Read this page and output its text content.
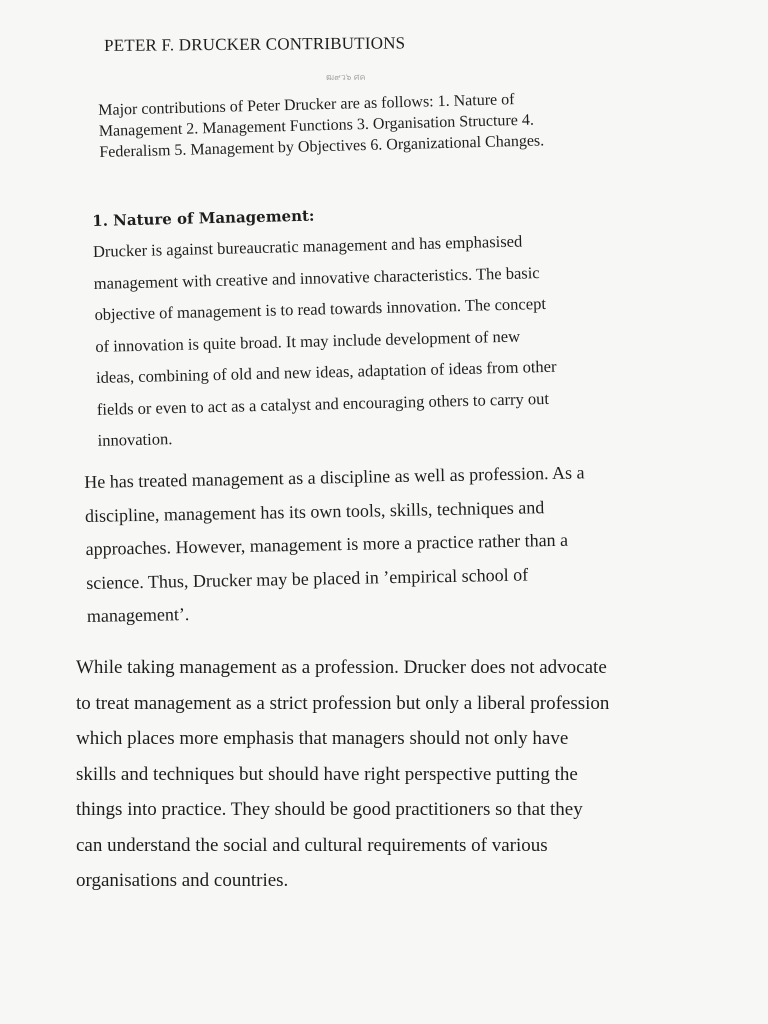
PETER F. DRUCKER CONTRIBUTIONS
ฒ๙ว๖ ศค
Major contributions of Peter Drucker are as follows: 1. Nature of
Management 2. Management Functions 3. Organisation Structure 4.
Federalism 5. Management by Objectives 6. Organizational Changes.
1. Nature of Management:
Drucker is against bureaucratic management and has emphasised
management with creative and innovative characteristics. The basic
objective of management is to read towards innovation. The concept
of innovation is quite broad. It may include development of new
ideas, combining of old and new ideas, adaptation of ideas from other
fields or even to act as a catalyst and encouraging others to carry out
innovation.
He has treated management as a discipline as well as profession. As a
discipline, management has its own tools, skills, techniques and
approaches. However, management is more a practice rather than a
science. Thus, Drucker may be placed in ’empirical school of
management’.
While taking management as a profession. Drucker does not advocate
to treat management as a strict profession but only a liberal profession
which places more emphasis that managers should not only have
skills and techniques but should have right perspective putting the
things into practice. They should be good practitioners so that they
can understand the social and cultural requirements of various
organisations and countries.
